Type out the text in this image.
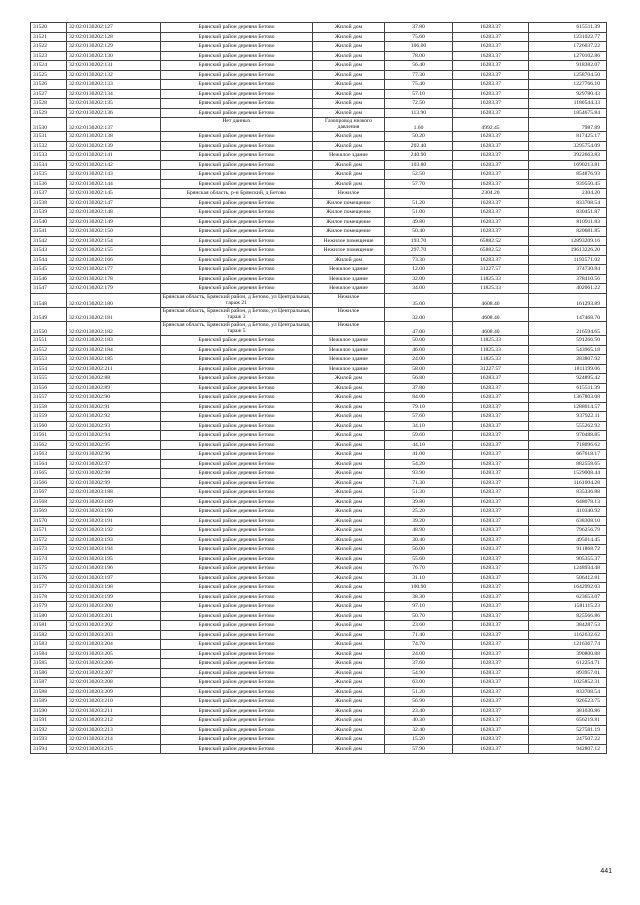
31520	32:02:0130202:127	Брянский район деревня Бетово	Жилой дом	37.80	16283.37	615511.39
31521	32:02:0130202:128	Брянский район деревня Бетово	Жилой дом	75.60	16283.37	1231022.77
31522	32:02:0130202:129	Брянский район деревня Бетово	Жилой дом	106.00	16283.37	1726037.22
31523	32:02:0130202:130	Брянский район деревня Бетово	Жилой дом	78.00	16283.37	1270102.86
31524	32:02:0130202:131	Брянский район деревня Бетово	Жилой дом	56.40	16283.37	918382.07
31525	32:02:0130202:132	Брянский район деревня Бетово	Жилой дом	77.30	16283.37	1258704.50
31526	32:02:0130202:133	Брянский район деревня Бетово	Жилой дом	75.40	16283.37	1227766.10
31527	32:02:0130202:134	Брянский район деревня Бетово	Жилой дом	57.10	16283.37	929780.43
31528	32:02:0130202:135	Брянский район деревня Бетово	Жилой дом	72.50	16283.37	1180544.33
31529	32:02:0130202:136	Брянский район деревня Бетово	Жилой дом	113.90	16283.37	1854675.84
31530	32:02:0130202:137	Нет данных	Газопровод низкого давления	1.60	4992.45	7987.89
31531	32:02:0130202:138	Брянский район деревня Бетово	Жилой дом	50.20	16283.37	817425.17
31532	32:02:0130202:139	Брянский район деревня Бетово	Жилой дом	202.40	16283.37	3295754.09
31533	32:02:0130202:141	Брянский район деревня Бетово	Нежилое здание	240.90	16283.37	3922663.83
31534	32:02:0130202:142	Брянский район деревня Бетово	Жилой дом	103.80	16283.37	1690213.81
31535	32:02:0130202:143	Брянский район деревня Бетово	Жилой дом	52.50	16283.37	854876.93
31536	32:02:0130202:144	Брянский район деревня Бетово	Жилой дом	57.70	16283.37	939550.45
31537	32:02:0130202:145	Брянская область, р-н Брянский, д Бетово	Нежилое		2304.20	2304.20
31538	32:02:0130202:147	Брянский район деревня Бетово	Жилое помещение	51.20	16283.37	833708.54
31539	32:02:0130202:148	Брянский район деревня Бетово	Жилое помещение	51.00	16283.37	830451.87
31540	32:02:0130202:149	Брянский район деревня Бетово	Жилое помещение	49.80	16283.37	810911.83
31541	32:02:0130202:150	Брянский район деревня Бетово	Жилое помещение	50.40	16283.37	820681.85
31542	32:02:0130202:154	Брянский район деревня Бетово	Нежилое помещение	193.70	65882.52	12893209.16
31543	32:02:0130202:155	Брянский район деревня Бетово	Нежилое помещение	297.70	65882.52	19613226.20
31544	32:02:0130202:166	Брянский район деревня Бетово	Жилой дом	73.30	16283.37	1193571.02
31545	32:02:0130202:177	Брянский район деревня Бетово	Нежилое здание	12.00	31227.57	374730.84
31546	32:02:0130202:178	Брянский район деревня Бетово	Нежилое здание	32.00	11825.33	378410.56
31547	32:02:0130202:179	Брянский район деревня Бетово	Нежилое здание	34.00	11825.33	402061.22
31548	32:02:0130202:180	Брянская область, Брянский район, д Бетово, ул Центральная, гараж 21	Нежилое	35.00	4608.40	161293.89
31549	32:02:0130202:181	Брянская область, Брянский район, д Бетово, ул Центральная, гараж 3	Нежилое	32.00	4608.40	147468.70
31550	32:02:0130202:182	Брянская область, Брянский район, д Бетово, ул Центральная, гараж 5	Нежилое	47.00	4608.40	216594.65
31551	32:02:0130202:183	Брянский район деревня Бетово	Нежилое здание	50.00	11825.33	591266.50
31552	32:02:0130202:184	Брянский район деревня Бетово	Нежилое здание	46.00	11825.33	543965.18
31553	32:02:0130202:185	Брянский район деревня Бетово	Нежилое здание	24.00	11825.33	283807.92
31554	32:02:0130202:211	Брянский район деревня Бетово	Нежилое здание	58.00	31227.57	1811199.06
31555	32:02:0130202:88	Брянский район деревня Бетово	Жилой дом	56.80	16283.37	924895.42
31556	32:02:0130202:89	Брянский район деревня Бетово	Жилой дом	37.80	16283.37	615511.39
31557	32:02:0130202:90	Брянский район деревня Бетово	Жилой дом	84.00	16283.37	1367803.08
31558	32:02:0130202:91	Брянский район деревня Бетово	Жилой дом	79.10	16283.37	1288014.57
31559	32:02:0130202:92	Брянский район деревня Бетово	Жилой дом	57.60	16283.37	937922.11
31560	32:02:0130202:93	Брянский район деревня Бетово	Жилой дом	34.10	16283.37	555262.92
31561	32:02:0130202:94	Брянский район деревня Бетово	Жилой дом	59.60	16283.37	970488.85
31562	32:02:0130202:95	Брянский район деревня Бетово	Жилой дом	44.10	16283.37	718096.62
31563	32:02:0130202:96	Брянский район деревня Бетово	Жилой дом	41.00	16283.37	667618.17
31564	32:02:0130202:97	Брянский район деревня Бетово	Жилой дом	54.20	16283.37	882558.65
31565	32:02:0130202:98	Брянский район деревня Бетово	Жилой дом	93.90	16283.37	1529008.44
31566	32:02:0130202:99	Брянский район деревня Бетово	Жилой дом	71.30	16283.37	1161004.28
31567	32:02:0130203:188	Брянский район деревня Бетово	Жилой дом	51.30	16283.37	835336.88
31568	32:02:0130203:189	Брянский район деревня Бетово	Жилой дом	39.80	16283.37	648078.13
31569	32:02:0130203:190	Брянский район деревня Бетово	Жилой дом	25.20	16283.37	410340.92
31570	32:02:0130203:191	Брянский район деревня Бетово	Жилой дом	39.20	16283.37	638308.10
31571	32:02:0130203:192	Брянский район деревня Бетово	Жилой дом	48.90	16283.37	796256.79
31572	32:02:0130203:193	Брянский район деревня Бетово	Жилой дом	30.40	16283.37	495014.45
31573	32:02:0130203:194	Брянский район деревня Бетово	Жилой дом	56.00	16283.37	911868.72
31574	32:02:0130203:195	Брянский район деревня Бетово	Жилой дом	55.60	16283.37	905355.37
31575	32:02:0130203:196	Брянский район деревня Бетово	Жилой дом	76.70	16283.37	1248934.48
31576	32:02:0130203:197	Брянский район деревня Бетово	Жилой дом	31.10	16283.37	506412.81
31577	32:02:0130203:198	Брянский район деревня Бетово	Жилой дом	100.90	16283.37	1642992.03
31578	32:02:0130203:199	Брянский район деревня Бетово	Жилой дом	38.30	16283.37	623653.07
31579	32:02:0130203:200	Брянский район деревня Бетово	Жилой дом	97.10	16283.37	1581115.23
31580	32:02:0130203:201	Брянский район деревня Бетово	Жилой дом	50.70	16283.37	825566.86
31581	32:02:0130203:202	Брянский район деревня Бетово	Жилой дом	23.60	16283.37	384287.53
31582	32:02:0130203:203	Брянский район деревня Бетово	Жилой дом	71.40	16283.37	1162632.62
31583	32:02:0130203:204	Брянский район деревня Бетово	Жилой дом	74.70	16283.37	1216367.74
31584	32:02:0130203:205	Брянский район деревня Бетово	Жилой дом	24.00	16283.37	390800.88
31585	32:02:0130203:206	Брянский район деревня Бетово	Жилой дом	37.60	16283.37	612254.71
31586	32:02:0130203:207	Брянский район деревня Бетово	Жилой дом	54.90	16283.37	893957.01
31587	32:02:0130203:208	Брянский район деревня Бетово	Жилой дом	63.00	16283.37	1025852.31
31588	32:02:0130203:209	Брянский район деревня Бетово	Жилой дом	51.20	16283.37	833708.54
31589	32:02:0130203:210	Брянский район деревня Бетово	Жилой дом	56.90	16283.37	926523.75
31590	32:02:0130203:211	Брянский район деревня Бетово	Жилой дом	23.40	16283.37	381030.86
31591	32:02:0130203:212	Брянский район деревня Бетово	Жилой дом	40.30	16283.37	656219.81
31592	32:02:0130203:213	Брянский район деревня Бетово	Жилой дом	32.40	16283.37	527581.19
31593	32:02:0130203:214	Брянский район деревня Бетово	Жилой дом	15.20	16283.37	247507.22
31594	32:02:0130203:215	Брянский район деревня Бетово	Жилой дом	57.90	16283.37	942807.12
441
